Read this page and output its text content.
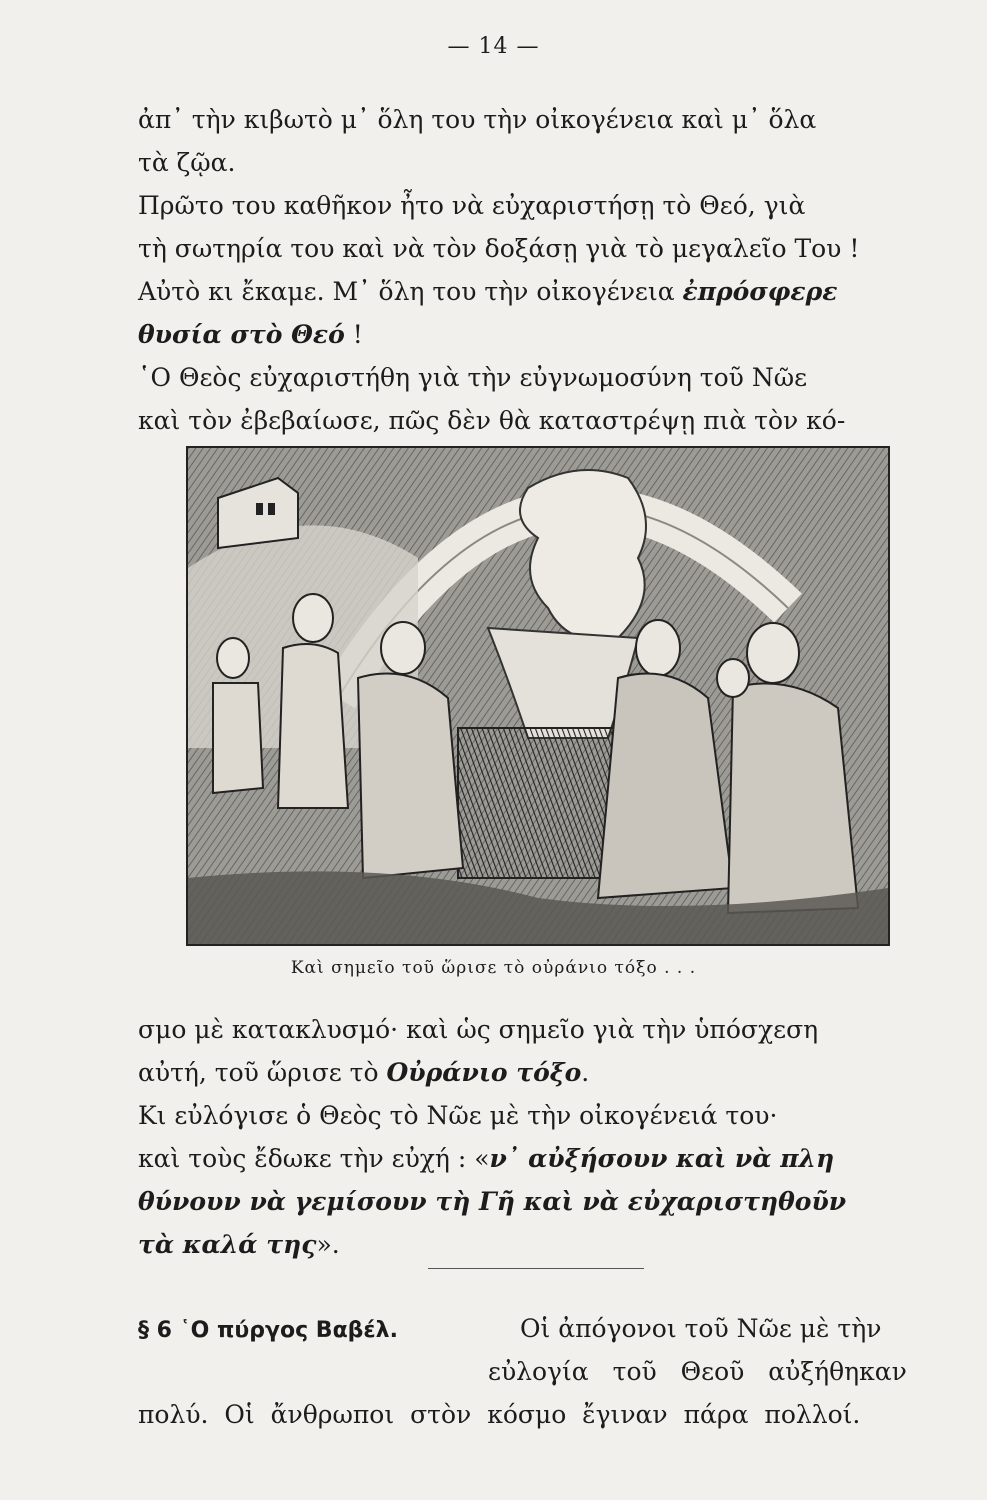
— 14 —

ἀπ᾽ τὴν κιβωτὸ μ᾽ ὅλη του τὴν οἰκογένεια καὶ μ᾽ ὅλα
τὰ ζῷα.

Πρῶτο του καθῆκον ἦτο νὰ εὐχαριστήσῃ τὸ Θεό, γιὰ
τὴ σωτηρία του καὶ νὰ τὸν δοξάσῃ γιὰ τὸ μεγαλεῖο Του !
Αὐτὸ κι ἔκαμε. Μ᾽ ὅλη του τὴν οἰκογένεια ἐπρόσφερε
θυσία στὸ Θεό !

῾Ο Θεὸς εὐχαριστήθη γιὰ τὴν εὐγνωμοσύνη τοῦ Νῶε
καὶ τὸν ἐβεβαίωσε, πῶς δὲν θὰ καταστρέψῃ πιὰ τὸν κό-

Καὶ σημεῖο τοῦ ὥρισε τὸ οὐράνιο τόξο . . .

σμο μὲ κατακλυσμό· καὶ ὡς σημεῖο γιὰ τὴν ὑπόσχεση
αὐτή, τοῦ ὥρισε τὸ Οὐράνιο τόξο.

Κι εὐλόγισε ὁ Θεὸς τὸ Νῶε μὲ τὴν οἰκογένειά του·
καὶ τοὺς ἔδωκε τὴν εὐχή : «ν᾽ αὐξήσουν καὶ νὰ πλη
θύνουν νὰ γεμίσουν τὴ Γῆ καὶ νὰ εὐχαριστηθοῦν
τὰ καλά της».

§ 6 ῾Ο πύργος Βαβέλ.	Οἱ ἀπόγονοι τοῦ Νῶε μὲ τὴν
εὐλογία τοῦ Θεοῦ αὐξήθηκαν
πολύ. Οἱ ἄνθρωποι στὸν κόσμο ἔγιναν πάρα πολλοί.
